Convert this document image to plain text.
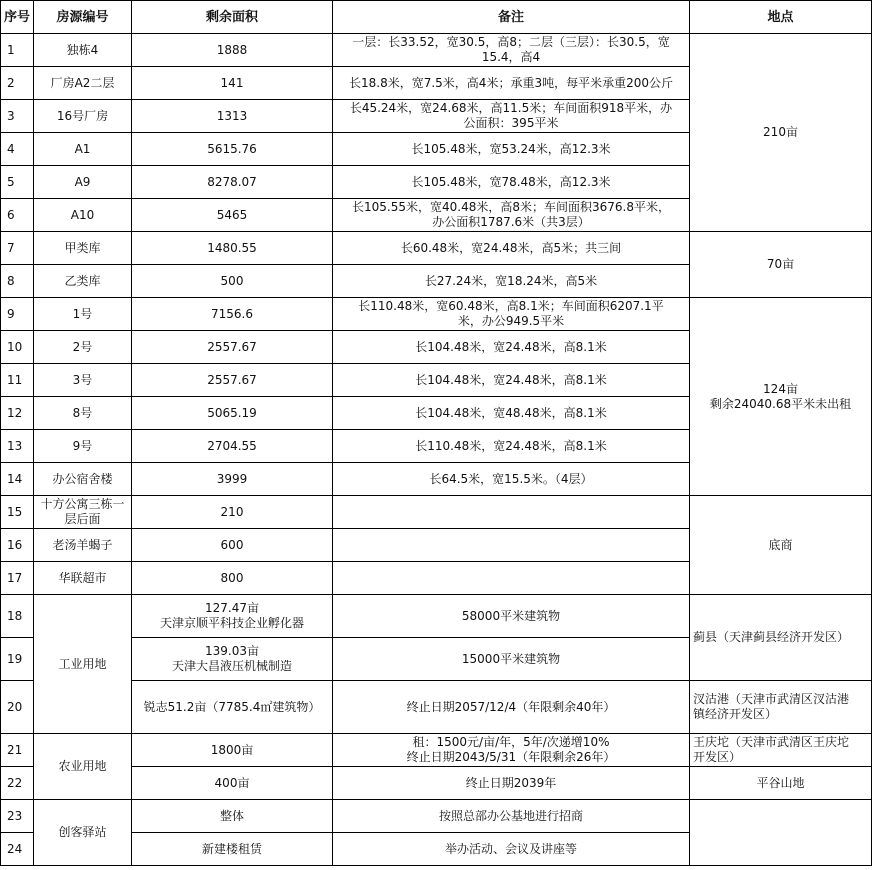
序号	房源编号	剩余面积	备注	地点
1	独栋4	1888	一层：长33.52，宽30.5，高8；二层（三层）：长30.5，宽
15.4，高4	210亩
2	厂房A2二层	141	长18.8米，宽7.5米，高4米；承重3吨，每平米承重200公斤	
3	16号厂房	1313	长45.24米，宽24.68米，高11.5米；车间面积918平米，办
公面积：395平米	
4	A1	5615.76	长105.48米，宽53.24米，高12.3米	
5	A9	8278.07	长105.48米，宽78.48米，高12.3米	
6	A10	5465	长105.55米，宽40.48米，高8米；车间面积3676.8平米，
办公面积1787.6米（共3层）	
7	甲类库	1480.55	长60.48米，宽24.48米，高5米；共三间	70亩
8	乙类库	500	长27.24米，宽18.24米，高5米	
9	1号	7156.6	长110.48米，宽60.48米，高8.1米；车间面积6207.1平
米，办公949.5平米	124亩
剩余24040.68平米未出租
10	2号	2557.67	长104.48米，宽24.48米，高8.1米	
11	3号	2557.67	长104.48米，宽24.48米，高8.1米	
12	8号	5065.19	长104.48米，宽48.48米，高8.1米	
13	9号	2704.55	长110.48米，宽24.48米，高8.1米	
14	办公宿舍楼	3999	长64.5米，宽15.5米。（4层）	
15	十方公寓三栋一
层后面	210		底商
16	老汤羊蝎子	600		
17	华联超市	800		
18	工业用地	127.47亩
天津京顺平科技企业孵化器	58000平米建筑物	蓟县（天津蓟县经济开发区）
19		139.03亩
天津大昌液压机械制造	15000平米建筑物	
20		锐志51.2亩（7785.4㎡建筑物）	终止日期2057/12/4（年限剩余40年）	汊沽港（天津市武清区汊沽港
镇经济开发区）
21	农业用地	1800亩	租：1500元/亩/年，5年/次递增10%
终止日期2043/5/31（年限剩余26年）	王庆坨（天津市武清区王庆坨
开发区）
22		400亩	终止日期2039年	平谷山地
23	创客驿站	整体	按照总部办公基地进行招商	
24		新建楼租赁	举办活动、会议及讲座等	
